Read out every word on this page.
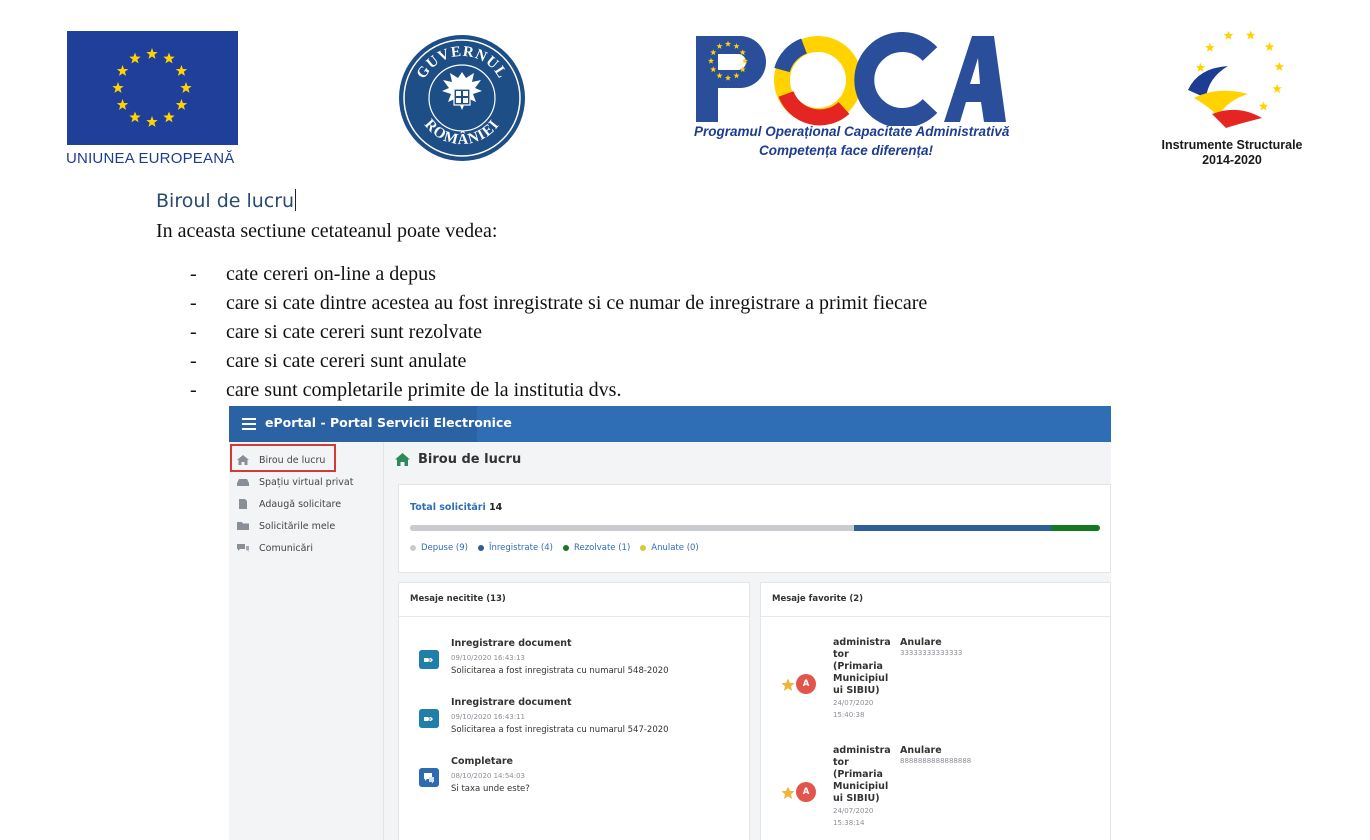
UNIUNEA EUROPEANĂ
GUVERNUL
ROMÂNIEI	Programul Operațional Capacitate Administrativă
Competența face diferența!	Instrumente Structurale
2014-2020
Biroul de lucru
In aceasta sectiune cetateanul poate vedea:
- cate cereri on-line a depus
- care si cate dintre acestea au fost inregistrate si ce numar de inregistrare a primit fiecare
- care si cate cereri sunt rezolvate
- care si cate cereri sunt anulate
- care sunt completarile primite de la institutia dvs.
ePortal - Portal Servicii Electronice
Birou de lucru
Spațiu virtual privat
Adaugă solicitare
Solicitările mele
Comunicări
Birou de lucru
Total solicitări 14
Depuse (9) Înregistrate (4) Rezolvate (1) Anulate (0)
Mesaje necitite (13)
Inregistrare document
09/10/2020 16:43:13
Solicitarea a fost inregistrata cu numarul 548-2020
Inregistrare document
09/10/2020 16:43:11
Solicitarea a fost inregistrata cu numarul 547-2020
Completare
08/10/2020 14:54:03
Si taxa unde este?
Mesaje favorite (2)
A
administra tor (Primaria Municipiul ui SIBIU)
24/07/2020
15:40:38
Anulare
33333333333333
A
administra tor (Primaria Municipiul ui SIBIU)
24/07/2020
15:38:14
Anulare
8888888888888888
